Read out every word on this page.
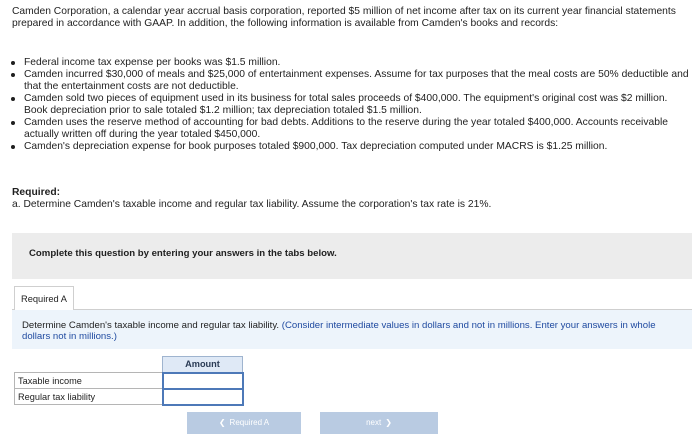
Camden Corporation, a calendar year accrual basis corporation, reported $5 million of net income after tax on its current year financial statements prepared in accordance with GAAP. In addition, the following information is available from Camden's books and records:
Federal income tax expense per books was $1.5 million.
Camden incurred $30,000 of meals and $25,000 of entertainment expenses. Assume for tax purposes that the meal costs are 50% deductible and that the entertainment costs are not deductible.
Camden sold two pieces of equipment used in its business for total sales proceeds of $400,000. The equipment's original cost was $2 million. Book depreciation prior to sale totaled $1.2 million; tax depreciation totaled $1.5 million.
Camden uses the reserve method of accounting for bad debts. Additions to the reserve during the year totaled $400,000. Accounts receivable actually written off during the year totaled $450,000.
Camden's depreciation expense for book purposes totaled $900,000. Tax depreciation computed under MACRS is $1.25 million.
Required:
a. Determine Camden's taxable income and regular tax liability. Assume the corporation's tax rate is 21%.
Complete this question by entering your answers in the tabs below.
Required A
Determine Camden's taxable income and regular tax liability. (Consider intermediate values in dollars and not in millions. Enter your answers in whole dollars not in millions.)
	Amount
Taxable income	
Regular tax liability	
❮ Required A	next ❯
